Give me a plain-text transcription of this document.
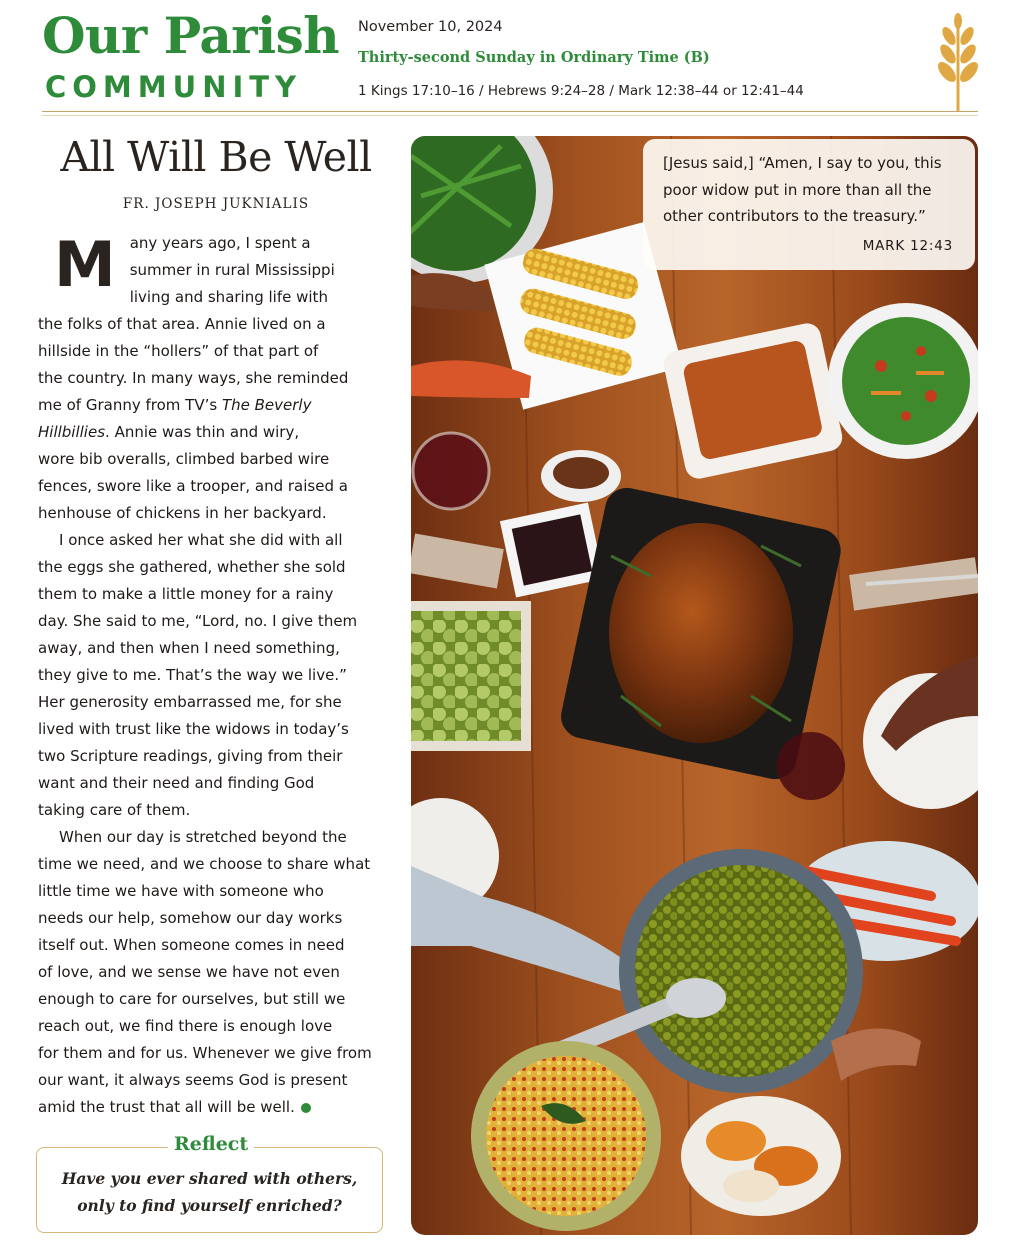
Our Parish
COMMUNITY
November 10, 2024
Thirty-second Sunday in Ordinary Time (B)
1 Kings 17:10–16 / Hebrews 9:24–28 / Mark 12:38–44 or 12:41–44
All Will Be Well
FR. JOSEPH JUKNIALIS

M any years ago, I spent a
summer in rural Mississippi
living and sharing life with
the folks of that area. Annie lived on a
hillside in the “hollers” of that part of
the country. In many ways, she reminded
me of Granny from TV’s The Beverly
Hillbillies. Annie was thin and wiry,
wore bib overalls, climbed barbed wire
fences, swore like a trooper, and raised a
henhouse of chickens in her backyard.

I once asked her what she did with all
the eggs she gathered, whether she sold
them to make a little money for a rainy
day. She said to me, “Lord, no. I give them
away, and then when I need something,
they give to me. That’s the way we live.”
Her generosity embarrassed me, for she
lived with trust like the widows in today’s
two Scripture readings, giving from their
want and their need and finding God
taking care of them.

When our day is stretched beyond the
time we need, and we choose to share what
little time we have with someone who
needs our help, somehow our day works
itself out. When someone comes in need
of love, and we sense we have not even
enough to care for ourselves, but still we
reach out, we find there is enough love
for them and for us. Whenever we give from
our want, it always seems God is present
amid the trust that all will be well.

Reflect
Have you ever shared with others,
only to find yourself enriched?
[Jesus said,] “Amen, I say to you, this
poor widow put in more than all the
other contributors to the treasury.”
MARK 12:43
